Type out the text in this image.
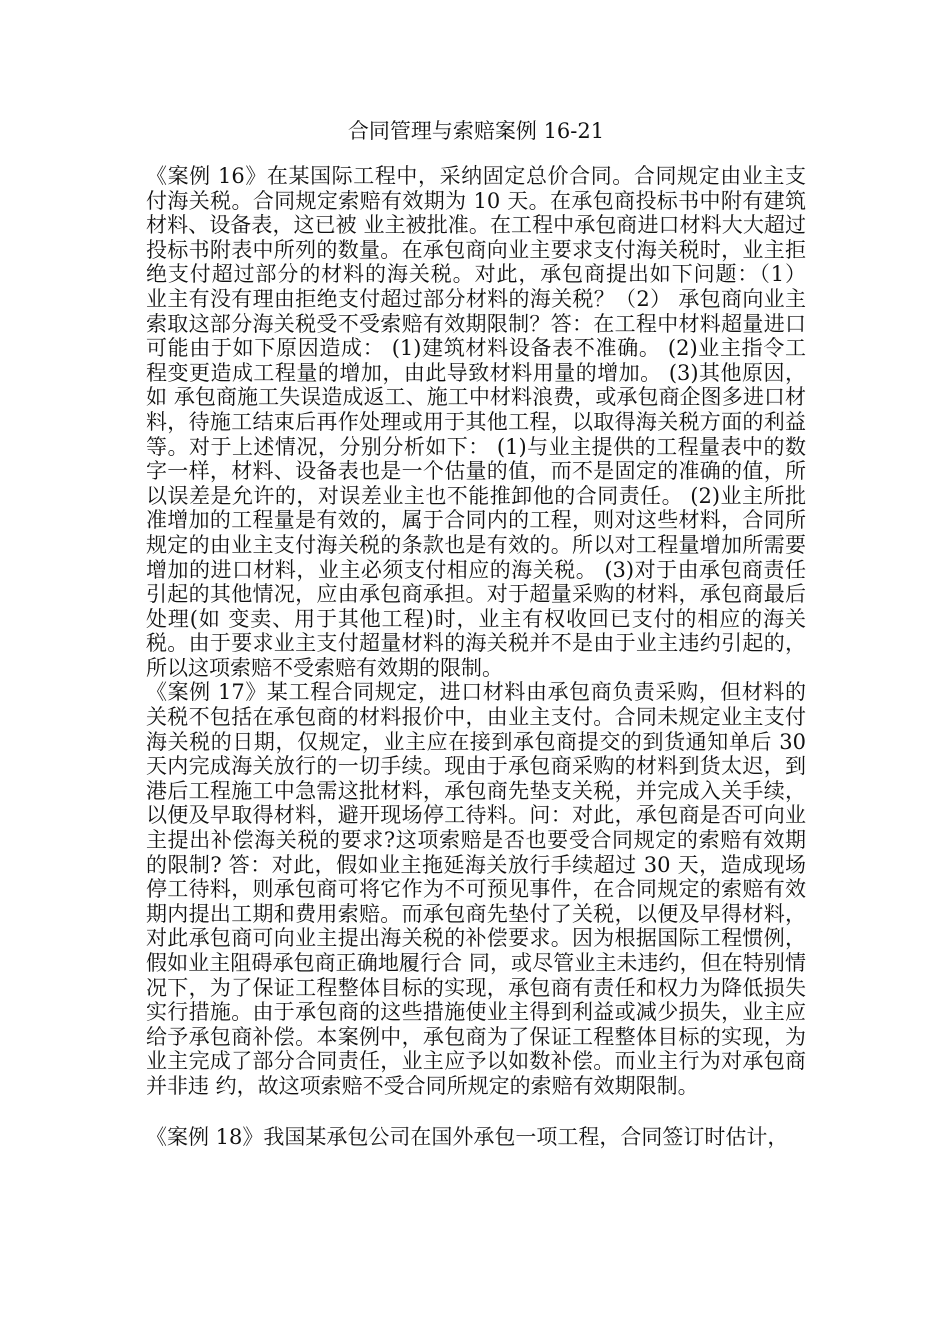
合同管理与索赔案例 16-21

《案例 16》在某国际工程中，采纳固定总价合同。合同规定由业主支付海关税。合同规定索赔有效期为 10 天。在承包商投标书中附有建筑材料、设备表，这已被 业主被批准。在工程中承包商进口材料大大超过投标书附表中所列的数量。在承包商向业主要求支付海关税时，业主拒绝支付超过部分的材料的海关税。对此，承包商提出如下问题：（1） 业主有没有理由拒绝支付超过部分材料的海关税？（2） 承包商向业主索取这部分海关税受不受索赔有效期限制？答：在工程中材料超量进口可能由于如下原因造成： (1)建筑材料设备表不准确。 (2)业主指令工程变更造成工程量的增加，由此导致材料用量的增加。 (3)其他原因，如 承包商施工失误造成返工、施工中材料浪费，或承包商企图多进口材料，待施工结束后再作处理或用于其他工程，以取得海关税方面的利益等。对于上述情况，分别分析如下： (1)与业主提供的工程量表中的数字一样，材料、设备表也是一个估量的值，而不是固定的准确的值，所以误差是允许的，对误差业主也不能推卸他的合同责任。 (2)业主所批准增加的工程量是有效的，属于合同内的工程，则对这些材料，合同所规定的由业主支付海关税的条款也是有效的。所以对工程量增加所需要增加的进口材料，业主必须支付相应的海关税。 (3)对于由承包商责任引起的其他情况，应由承包商承担。对于超量采购的材料，承包商最后处理(如 变卖、用于其他工程)时，业主有权收回已支付的相应的海关税。由于要求业主支付超量材料的海关税并不是由于业主违约引起的，所以这项索赔不受索赔有效期的限制。

《案例 17》某工程合同规定，进口材料由承包商负责采购，但材料的关税不包括在承包商的材料报价中，由业主支付。合同未规定业主支付海关税的日期，仅规定，业主应在接到承包商提交的到货通知单后 30 天内完成海关放行的一切手续。现由于承包商采购的材料到货太迟，到港后工程施工中急需这批材料，承包商先垫支关税，并完成入关手续，以便及早取得材料，避开现场停工待料。问：对此，承包商是否可向业主提出补偿海关税的要求?这项索赔是否也要受合同规定的索赔有效期的限制? 答：对此，假如业主拖延海关放行手续超过 30 天，造成现场停工待料，则承包商可将它作为不可预见事件，在合同规定的索赔有效期内提出工期和费用索赔。而承包商先垫付了关税，以便及早得材料，对此承包商可向业主提出海关税的补偿要求。因为根据国际工程惯例，假如业主阻碍承包商正确地履行合 同，或尽管业主未违约，但在特别情况下，为了保证工程整体目标的实现，承包商有责任和权力为降低损失实行措施。由于承包商的这些措施使业主得到利益或减少损失，业主应给予承包商补偿。本案例中，承包商为了保证工程整体目标的实现，为业主完成了部分合同责任，业主应予以如数补偿。而业主行为对承包商并非违 约，故这项索赔不受合同所规定的索赔有效期限制。

《案例 18》我国某承包公司在国外承包一项工程，合同签订时估计，
